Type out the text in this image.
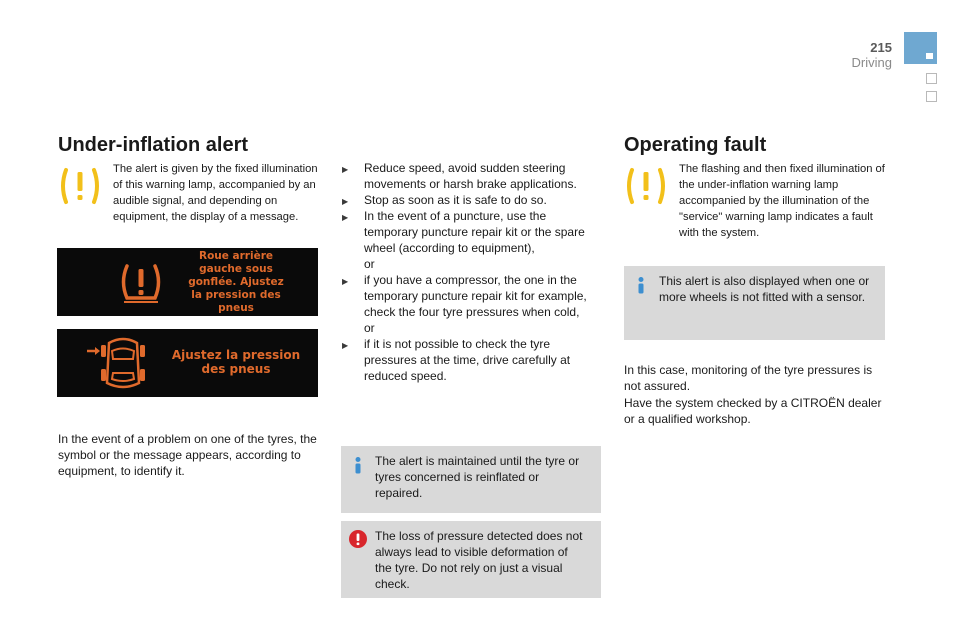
215
Driving
Under-inflation alert
The alert is given by the fixed illumination of this warning lamp, accompanied by an audible signal, and depending on equipment, the display of a message.
Roue arrière
gauche sous
gonflée. Ajustez
la pression des
pneus
Ajustez la pression
des pneus
In the event of a problem on one of the tyres, the symbol or the message appears, according to equipment, to identify it.
▶ Reduce speed, avoid sudden steering movements or harsh brake applications.
▶ Stop as soon as it is safe to do so.
▶ In the event of a puncture, use the temporary puncture repair kit or the spare wheel (according to equipment),
or
▶ if you have a compressor, the one in the temporary puncture repair kit for example, check the four tyre pressures when cold,
or
▶ if it is not possible to check the tyre pressures at the time, drive carefully at reduced speed.
The alert is maintained until the tyre or tyres concerned is reinflated or repaired.
The loss of pressure detected does not always lead to visible deformation of the tyre. Do not rely on just a visual check.
Operating fault
The flashing and then fixed illumination of the under-inflation warning lamp accompanied by the illumination of the "service" warning lamp indicates a fault with the system.
This alert is also displayed when one or more wheels is not fitted with a sensor.
In this case, monitoring of the tyre pressures is not assured.
Have the system checked by a CITROËN dealer or a qualified workshop.
